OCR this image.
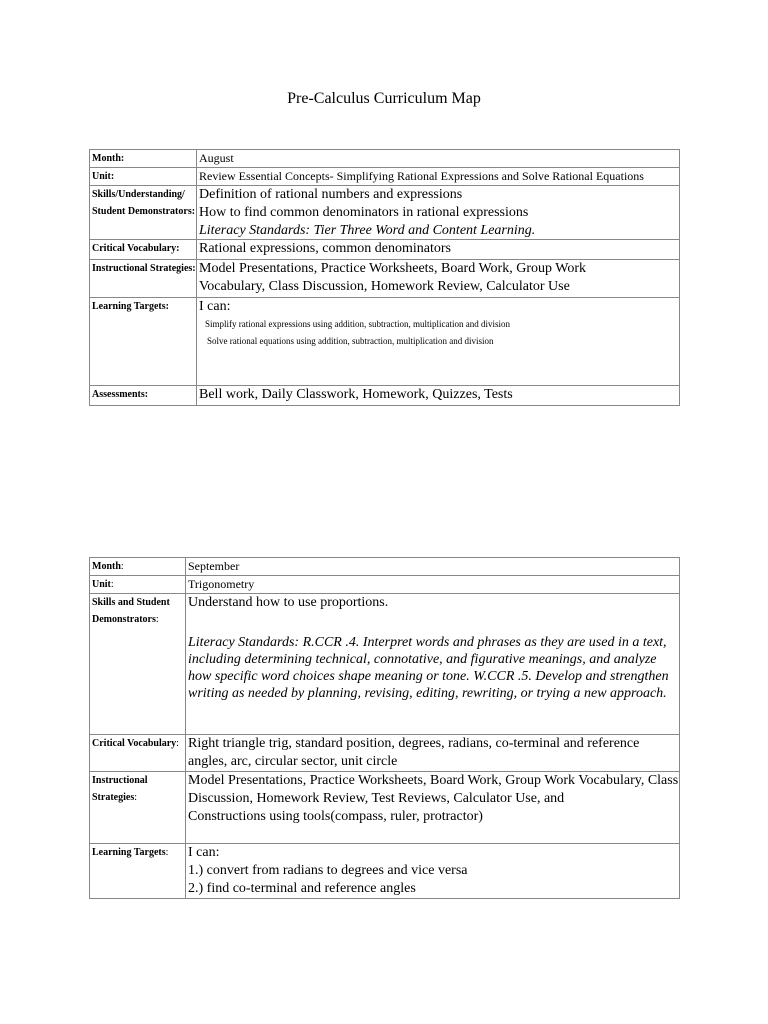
Pre-Calculus Curriculum Map
Month:	August

Unit:	Review Essential Concepts- Simplifying Rational Expressions and Solve Rational Equations

Skills/Understanding/ Student Demonstrators:	Definition of rational numbers and expressions
How to find common denominators in rational expressions
Literacy Standards: Tier Three Word and Content Learning.

Critical Vocabulary:	Rational expressions, common denominators

Instructional Strategies:	Model Presentations, Practice Worksheets, Board Work, Group Work
Vocabulary, Class Discussion, Homework Review, Calculator Use

Learning Targets:	I can:
Simplify rational expressions using addition, subtraction, multiplication and division
Solve rational equations using addition, subtraction, multiplication and division

Assessments:	Bell work, Daily Classwork, Homework, Quizzes, Tests
Month:	September

Unit:	Trigonometry

Skills and Student Demonstrators:	Understand how to use proportions.
Literacy Standards: R.CCR .4. Interpret words and phrases as they are used in a text, including determining technical, connotative, and figurative meanings, and analyze how specific word choices shape meaning or tone. W.CCR .5. Develop and strengthen writing as needed by planning, revising, editing, rewriting, or trying a new approach.

Critical Vocabulary:	Right triangle trig, standard position, degrees, radians, co-terminal and reference angles, arc, circular sector, unit circle

Instructional Strategies:	Model Presentations, Practice Worksheets, Board Work, Group Work Vocabulary, Class Discussion, Homework Review, Test Reviews, Calculator Use, and
Constructions using tools(compass, ruler, protractor)

Learning Targets:	I can:
1.) convert from radians to degrees and vice versa
2.) find co-terminal and reference angles
